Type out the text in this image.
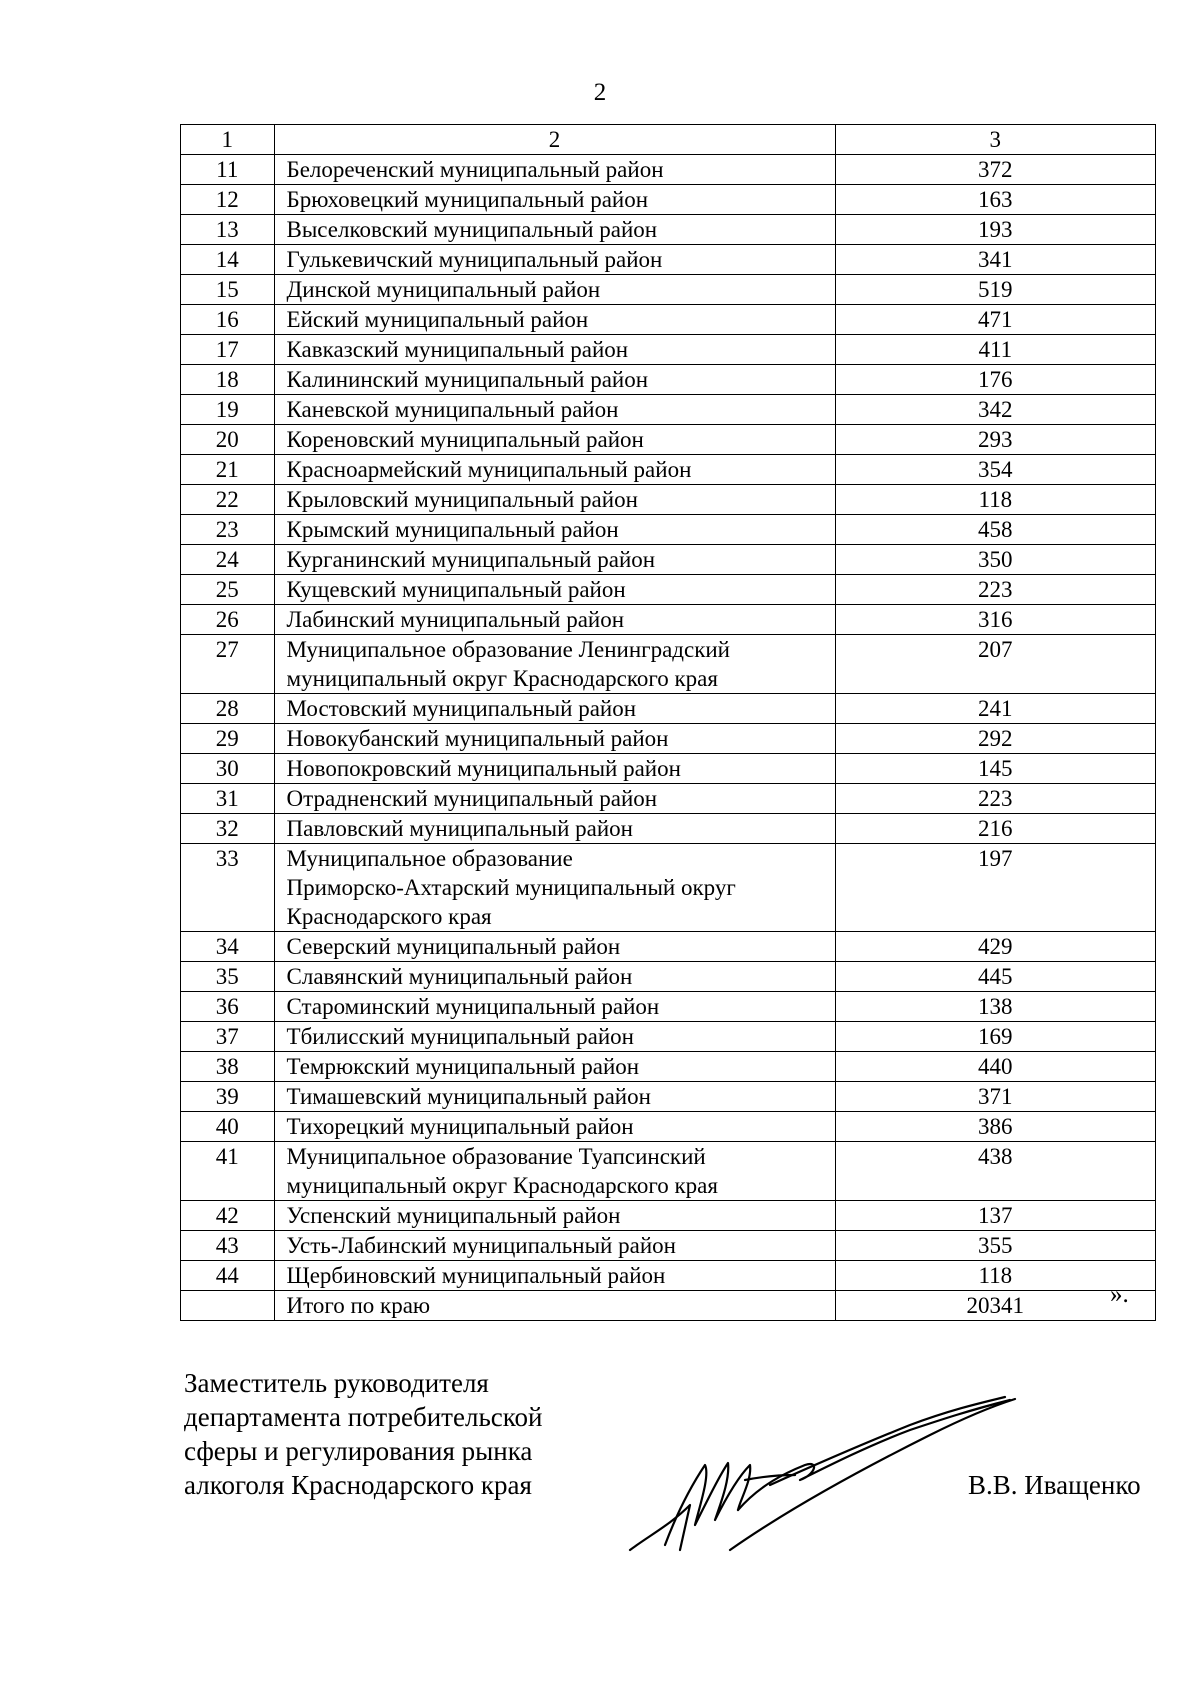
2
1	2	3
11	Белореченский муниципальный район	372
12	Брюховецкий муниципальный район	163
13	Выселковский муниципальный район	193
14	Гулькевичский муниципальный район	341
15	Динской муниципальный район	519
16	Ейский муниципальный район	471
17	Кавказский муниципальный район	411
18	Калининский муниципальный район	176
19	Каневской муниципальный район	342
20	Кореновский муниципальный район	293
21	Красноармейский муниципальный район	354
22	Крыловский муниципальный район	118
23	Крымский муниципальный район	458
24	Курганинский муниципальный район	350
25	Кущевский муниципальный район	223
26	Лабинский муниципальный район	316
27	Муниципальное образование Ленинградский
муниципальный округ Краснодарского края	207
28	Мостовский муниципальный район	241
29	Новокубанский муниципальный район	292
30	Новопокровский муниципальный район	145
31	Отрадненский муниципальный район	223
32	Павловский муниципальный район	216
33	Муниципальное образование
Приморско-Ахтарский муниципальный округ
Краснодарского края	197
34	Северский муниципальный район	429
35	Славянский муниципальный район	445
36	Староминский муниципальный район	138
37	Тбилисский муниципальный район	169
38	Темрюкский муниципальный район	440
39	Тимашевский муниципальный район	371
40	Тихорецкий муниципальный район	386
41	Муниципальное образование Туапсинский
муниципальный округ Краснодарского края	438
42	Успенский муниципальный район	137
43	Усть-Лабинский муниципальный район	355
44	Щербиновский муниципальный район	118
	Итого по краю	20341	».
Заместитель руководителя
департамента потребительской
сферы и регулирования рынка
алкоголя Краснодарского края	В.В. Иващенко
